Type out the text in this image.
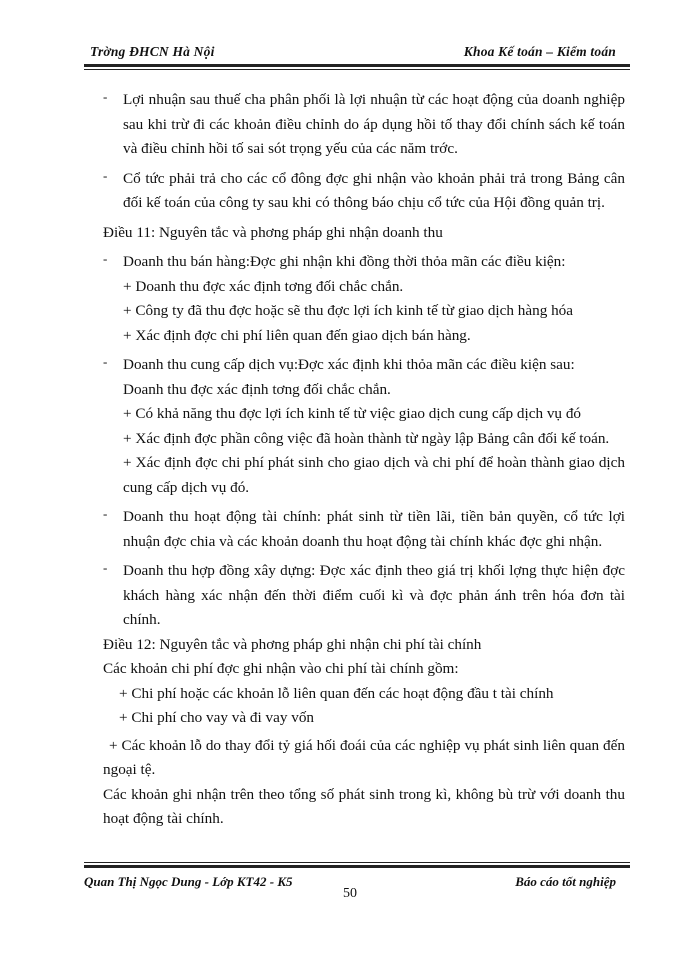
Trờng ĐHCN Hà Nội	Khoa Kế toán – Kiểm toán
- Lợi nhuận sau thuế cha phân phối là lợi nhuận từ các hoạt động của doanh nghiệp sau khi trừ đi các khoản điều chỉnh do áp dụng hồi tố thay đổi chính sách kế toán và điều chỉnh hồi tố sai sót trọng yếu của các năm trớc.
- Cổ tức phải trả cho các cổ đông đợc ghi nhận vào khoản phải trả trong Bảng cân đối kế toán của công ty sau khi có thông báo chịu cổ tức của Hội đồng quản trị.

Điều 11: Nguyên tắc và phơng pháp ghi nhận doanh thu

- Doanh thu bán hàng:Đợc ghi nhận khi đồng thời thỏa mãn các điều kiện:

+ Doanh thu đợc xác định tơng đối chắc chắn.

+ Công ty đã thu đợc hoặc sẽ thu đợc lợi ích kinh tế từ giao dịch hàng hóa

+ Xác định đợc chi phí liên quan đến giao dịch bán hàng.

- Doanh thu cung cấp dịch vụ:Đợc xác định khi thỏa mãn các điều kiện sau:

Doanh thu đợc xác định tơng đối chắc chắn.

+ Có khả năng thu đợc lợi ích kinh tế từ việc giao dịch cung cấp dịch vụ đó

+ Xác định đợc phần công việc đã hoàn thành từ ngày lập Bảng cân đối kế toán.

+ Xác định đợc chi phí phát sinh cho giao dịch và chi phí để hoàn thành giao dịch cung cấp dịch vụ đó.

- Doanh thu hoạt động tài chính: phát sinh từ tiền lãi, tiền bản quyền, cổ tức lợi nhuận đợc chia và các khoản doanh thu hoạt động tài chính khác đợc ghi nhận.
- Doanh thu hợp đồng xây dựng: Đợc xác định theo giá trị khối lợng thực hiện đợc khách hàng xác nhận đến thời điểm cuối kì và đợc phản ánh trên hóa đơn tài chính.

Điều 12: Nguyên tắc và phơng pháp ghi nhận chi phí tài chính

Các khoản chi phí đợc ghi nhận vào chi phí tài chính gồm:

+ Chi phí hoặc các khoản lỗ liên quan đến các hoạt động đầu t tài chính

+ Chi phí cho vay và đi vay vốn

+ Các khoản lỗ do thay đổi tỷ giá hối đoái của các nghiệp vụ phát sinh liên quan đến ngoại tệ.

Các khoản ghi nhận trên theo tổng số phát sinh trong kì, không bù trừ với doanh thu hoạt động tài chính.

Quan Thị Ngọc Dung - Lớp KT42 - K5	Báo cáo tốt nghiệp
50
